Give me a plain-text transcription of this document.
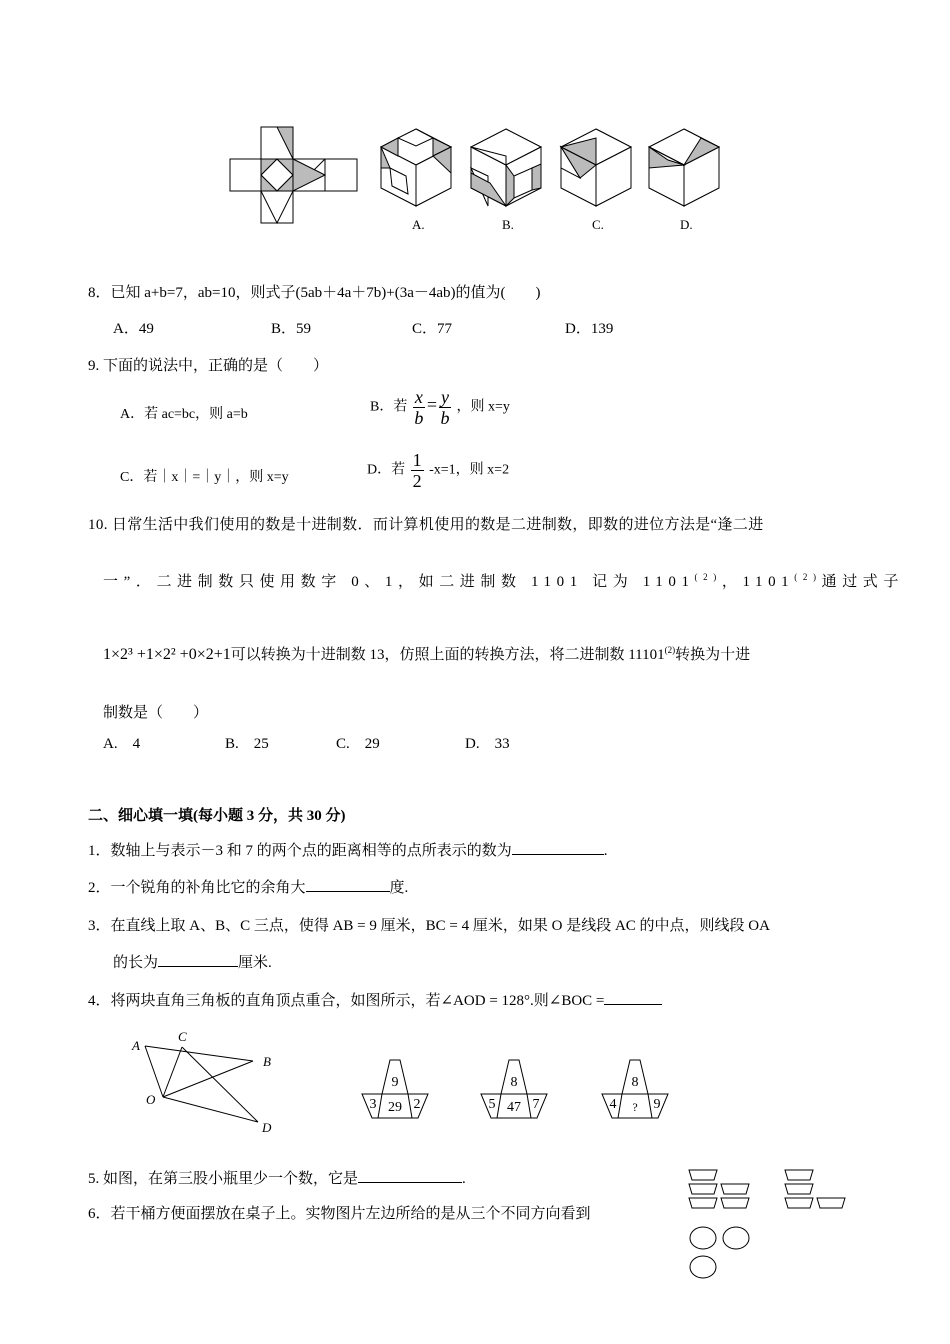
A.	B.	C.	D.
8．已知 a+b=7，ab=10，则式子(5ab＋4a＋7b)+(3a－4ab)的值为(　　)
A．49	B．59	C．77	D．139
9. 下面的说法中，正确的是（　　）
A．若 ac=bc，则 a=b	B．若 $\frac{x}{b} = \frac{y}{b}$ ，则 x=y
C．若｜x｜=｜y｜，则 x=y	D．若 $\frac{1}{2} -x=1$，则 x=2
10. 日常生活中我们使用的数是十进制数．而计算机使用的数是二进制数，即数的进位方法是“逢二进
一”．二进制数只使用数字 0、1，如二进制数 1101 记为 1101$^{(2)}$，1101$^{(2)}$通过式子
1×2³ +1×2² +0×2+1可以转换为十进制数 13，仿照上面的转换方法，将二进制数 11101$^{(2)}$转换为十进
制数是（　　）
A.　4	B.　25	C.　29	D.　33
二、细心填一填(每小题 3 分，共 30 分)
1．数轴上与表示－3 和 7 的两个点的距离相等的点所表示的数为	.
2．一个锐角的补角比它的余角大	度.
3．在直线上取 A、B、C 三点，使得 AB = 9 厘米，BC = 4 厘米，如果 O 是线段 AC 的中点，则线段 OA
的长为	厘米.
4．将两块直角三角板的直角顶点重合，如图所示，若∠AOD = 128°.则∠BOC =
A
C
B
O
D
9
3 29 2
8
5 47 7
8
4 ? 9
5. 如图，在第三股小瓶里少一个数，它是	.
6．若干桶方便面摆放在桌子上。实物图片左边所给的是从三个不同方向看到
